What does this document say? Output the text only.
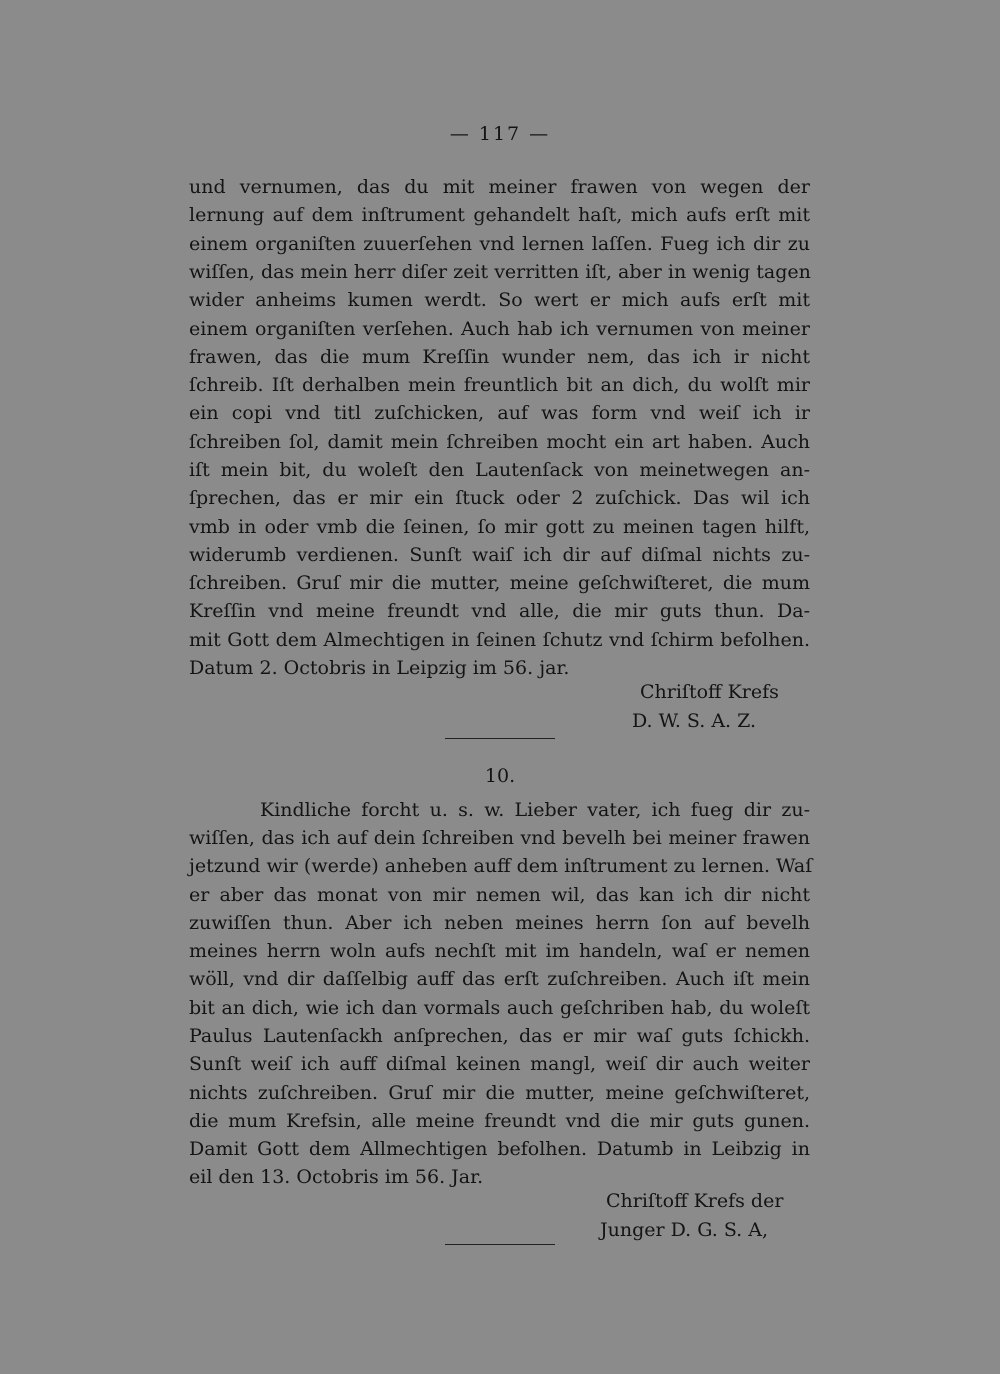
— 117 —
und vernumen, das du mit meiner frawen von wegen der
lernung auf dem inſtrument gehandelt haſt, mich aufs erſt mit
einem organiſten zuuerſehen vnd lernen laſſen. Fueg ich dir zu
wiſſen, das mein herr diſer zeit verritten iſt, aber in wenig tagen
wider anheims kumen werdt. So wert er mich aufs erſt mit
einem organiſten verſehen. Auch hab ich vernumen von meiner
frawen, das die mum Kreſſin wunder nem, das ich ir nicht
ſchreib. Iſt derhalben mein freuntlich bit an dich, du wolſt mir
ein copi vnd titl zuſchicken, auf was form vnd weiſ ich ir
ſchreiben ſol, damit mein ſchreiben mocht ein art haben. Auch
iſt mein bit, du woleſt den Lautenſack von meinetwegen an-
ſprechen, das er mir ein ſtuck oder 2 zuſchick. Das wil ich
vmb in oder vmb die ſeinen, ſo mir gott zu meinen tagen hilft,
widerumb verdienen. Sunſt waiſ ich dir auf diſmal nichts zu-
ſchreiben. Gruſ mir die mutter, meine geſchwiſteret, die mum
Kreſſin vnd meine freundt vnd alle, die mir guts thun. Da-
mit Gott dem Almechtigen in ſeinen ſchutz vnd ſchirm befolhen.
Datum 2. Octobris in Leipzig im 56. jar.
Chriſtoff Krefs
D. W. S. A. Z.
10.
Kindliche forcht u. s. w. Lieber vater, ich fueg dir zu-
wiſſen, das ich auf dein ſchreiben vnd bevelh bei meiner frawen
jetzund wir (werde) anheben auff dem inſtrument zu lernen. Waſ
er aber das monat von mir nemen wil, das kan ich dir nicht
zuwiſſen thun. Aber ich neben meines herrn ſon auf bevelh
meines herrn woln aufs nechſt mit im handeln, waſ er nemen
wöll, vnd dir daſſelbig auff das erſt zuſchreiben. Auch iſt mein
bit an dich, wie ich dan vormals auch geſchriben hab, du woleſt
Paulus Lautenſackh anſprechen, das er mir waſ guts ſchickh.
Sunſt weiſ ich auff diſmal keinen mangl, weiſ dir auch weiter
nichts zuſchreiben. Gruſ mir die mutter, meine geſchwiſteret,
die mum Krefsin, alle meine freundt vnd die mir guts gunen.
Damit Gott dem Allmechtigen befolhen. Datumb in Leibzig in
eil den 13. Octobris im 56. Jar.
Chriſtoff Krefs der
Junger D. G. S. A,
